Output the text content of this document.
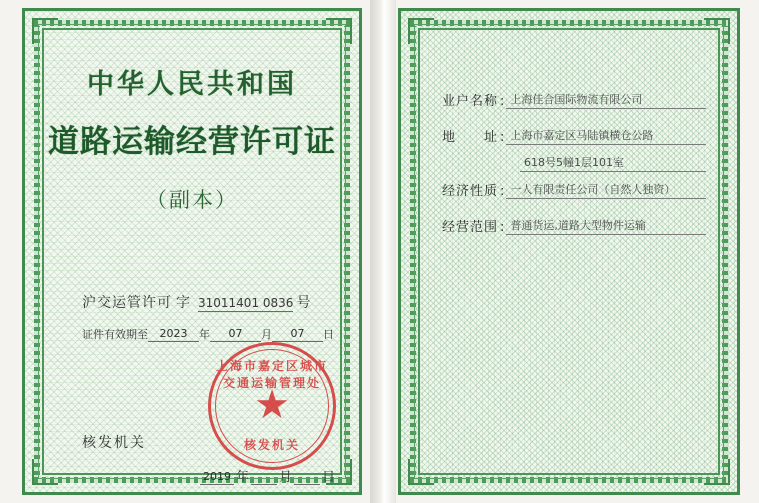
中华人民共和国
道路运输经营许可证
（副本）
沪交运管许可 字 31011401 0836 号
证件有效期至	2023	年	07	月	07	日
上海市嘉定区城市交通运输管理处
★
核发机关
核发机关
2019 年 月 日
业户名称 : 上海佳合国际物流有限公司
地　　址 : 上海市嘉定区马陆镇横仓公路
618号5幢1层101室
经济性质 : 一人有限责任公司（自然人独资）
经营范围 : 普通货运,道路大型物件运输
